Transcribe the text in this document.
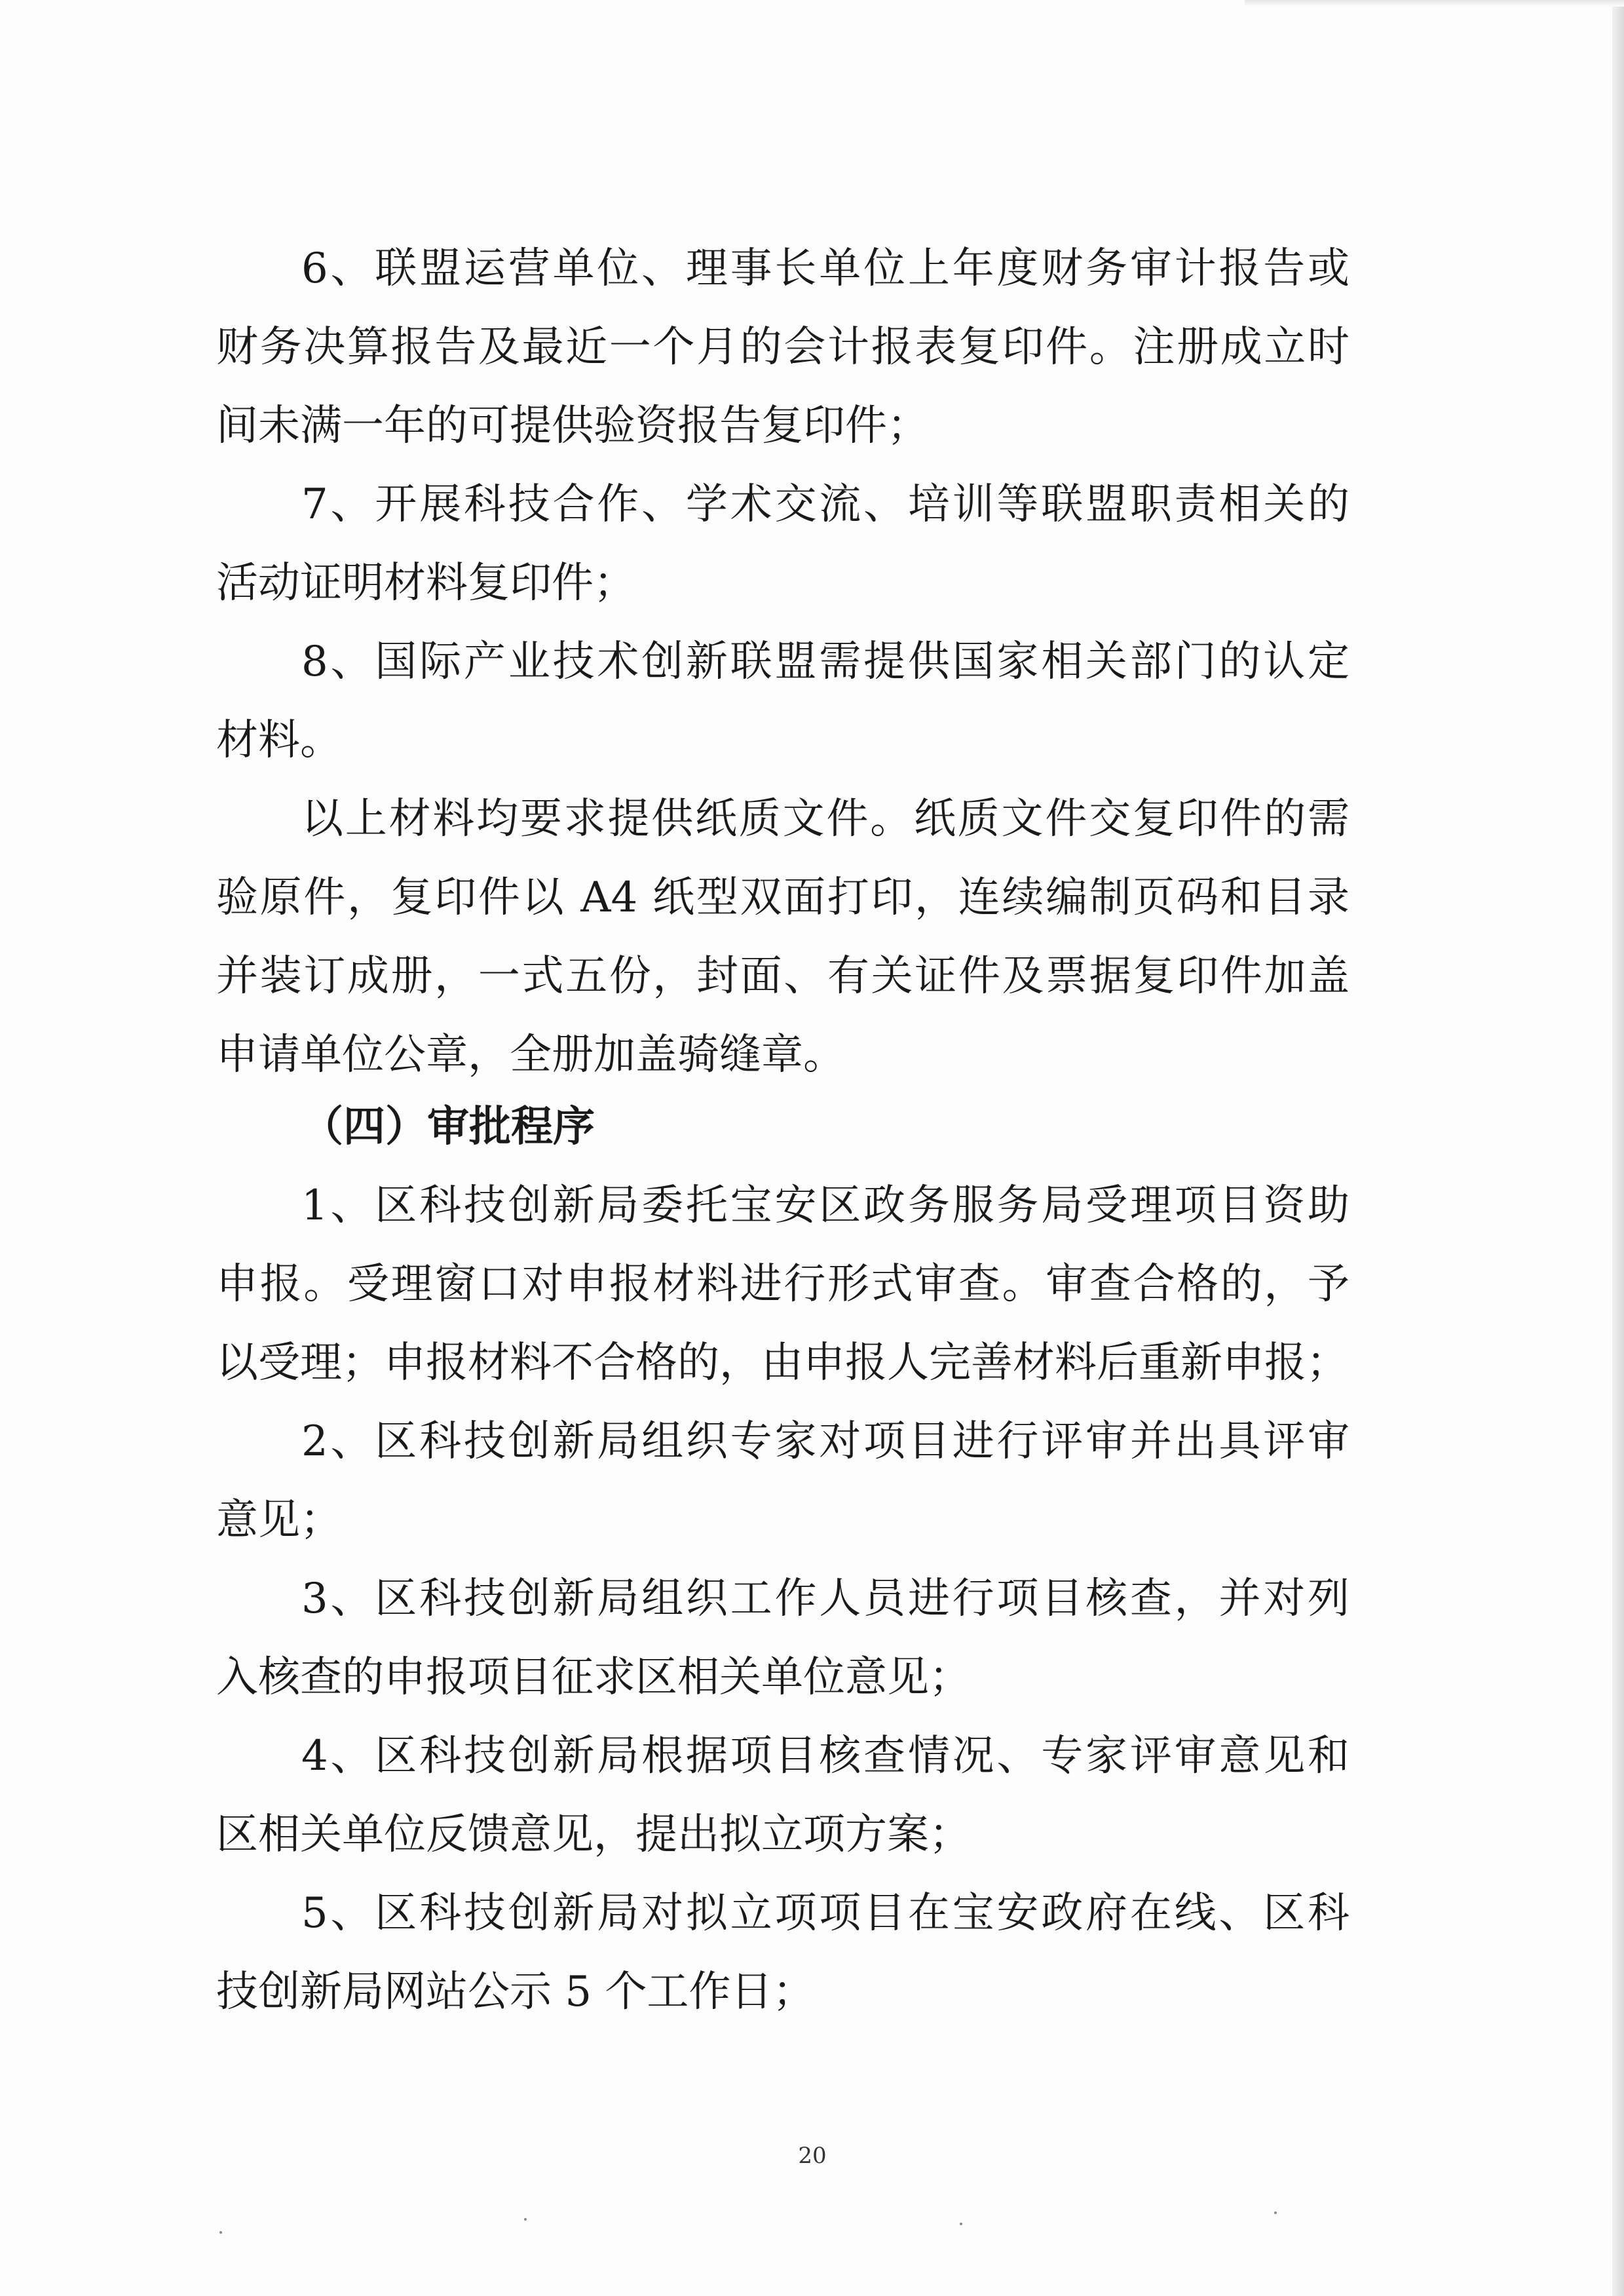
6、联盟运营单位、理事长单位上年度财务审计报告或
财务决算报告及最近一个月的会计报表复印件。注册成立时
间未满一年的可提供验资报告复印件；
7、开展科技合作、学术交流、培训等联盟职责相关的
活动证明材料复印件；
8、国际产业技术创新联盟需提供国家相关部门的认定
材料。
以上材料均要求提供纸质文件。纸质文件交复印件的需
验原件，复印件以 A4 纸型双面打印，连续编制页码和目录
并装订成册，一式五份，封面、有关证件及票据复印件加盖
申请单位公章，全册加盖骑缝章。
（四）审批程序
1、区科技创新局委托宝安区政务服务局受理项目资助
申报。受理窗口对申报材料进行形式审查。审查合格的，予
以受理；申报材料不合格的，由申报人完善材料后重新申报；
2、区科技创新局组织专家对项目进行评审并出具评审
意见；
3、区科技创新局组织工作人员进行项目核查，并对列
入核查的申报项目征求区相关单位意见；
4、区科技创新局根据项目核查情况、专家评审意见和
区相关单位反馈意见，提出拟立项方案；
5、区科技创新局对拟立项项目在宝安政府在线、区科
技创新局网站公示 5 个工作日；
20
